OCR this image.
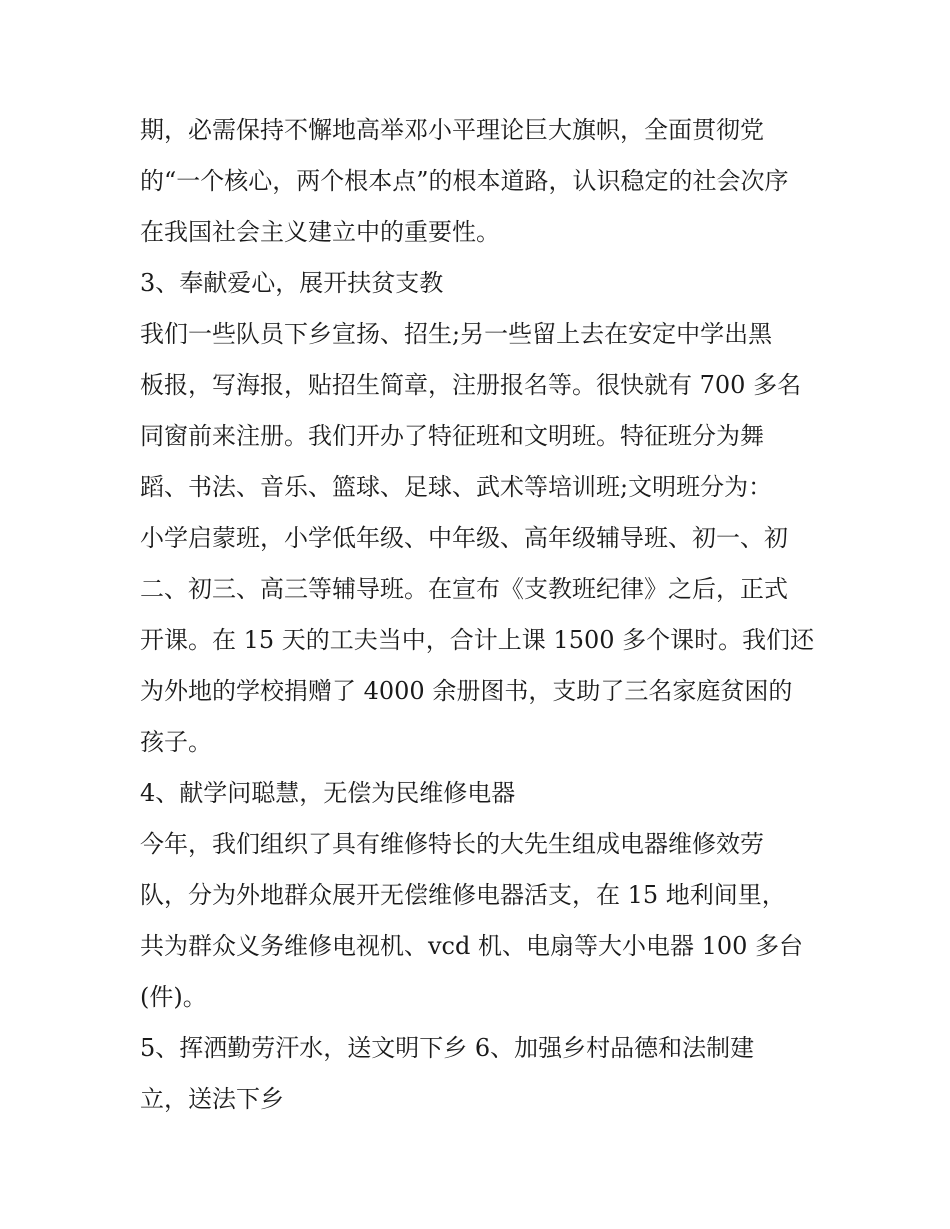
期，必需保持不懈地高举邓小平理论巨大旗帜，全面贯彻党
的“一个核心，两个根本点”的根本道路，认识稳定的社会次序
在我国社会主义建立中的重要性。
3、奉献爱心，展开扶贫支教
我们一些队员下乡宣扬、招生;另一些留上去在安定中学出黑
板报，写海报，贴招生简章，注册报名等。很快就有 700 多名
同窗前来注册。我们开办了特征班和文明班。特征班分为舞
蹈、书法、音乐、篮球、足球、武术等培训班;文明班分为：
小学启蒙班，小学低年级、中年级、高年级辅导班、初一、初
二、初三、高三等辅导班。在宣布《支教班纪律》之后，正式
开课。在 15 天的工夫当中，合计上课 1500 多个课时。我们还
为外地的学校捐赠了 4000 余册图书，支助了三名家庭贫困的
孩子。
4、献学问聪慧，无偿为民维修电器
今年，我们组织了具有维修特长的大先生组成电器维修效劳
队，分为外地群众展开无偿维修电器活支，在 15 地利间里，
共为群众义务维修电视机、vcd 机、电扇等大小电器 100 多台
(件)。
5、挥洒勤劳汗水，送文明下乡 6、加强乡村品德和法制建
立，送法下乡
